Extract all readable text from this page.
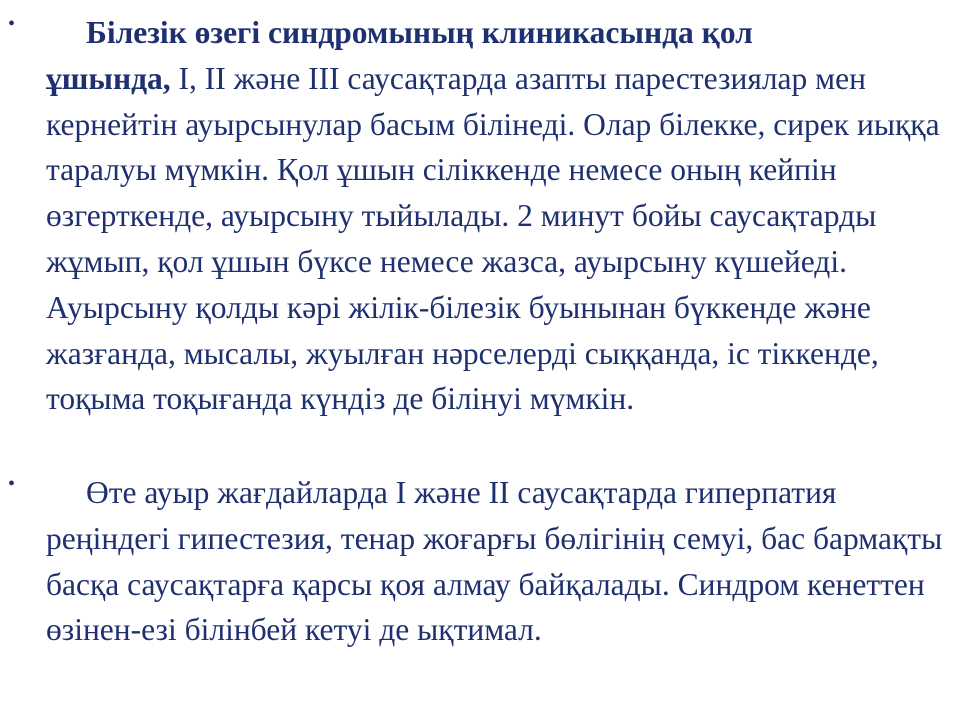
•	Білезік өзегі синдромының клиникасында қол
ұшында, I, II және III саусақтарда азапты парестезиялар мен кернейтін ауырсынулар басым білінеді. Олар білекке, сирек иыққа таралуы мүмкін. Қол ұшын сіліккенде немесе оның кейпін өзгерткенде, ауырсыну тыйылады. 2 минут бойы саусақтарды жұмып, қол ұшын бүксе немесе жазса, ауырсыну күшейеді. Ауырсыну қолды кәрі жілік-білезік буынынан бүккенде және жазғанда, мысалы, жуылған нәрселерді сыққанда, іс тіккенде, тоқыма тоқығанда күндіз де білінуі мүмкін.

•	Өте ауыр жағдайларда I және II саусақтарда гиперпатия реңіндегі гипестезия, тенар жоғарғы бөлігінің семуі, бас бармақты басқа саусақтарға қарсы қоя алмау байқалады. Синдром кенеттен өзінен-езі білінбей кетуі де ықтимал.
